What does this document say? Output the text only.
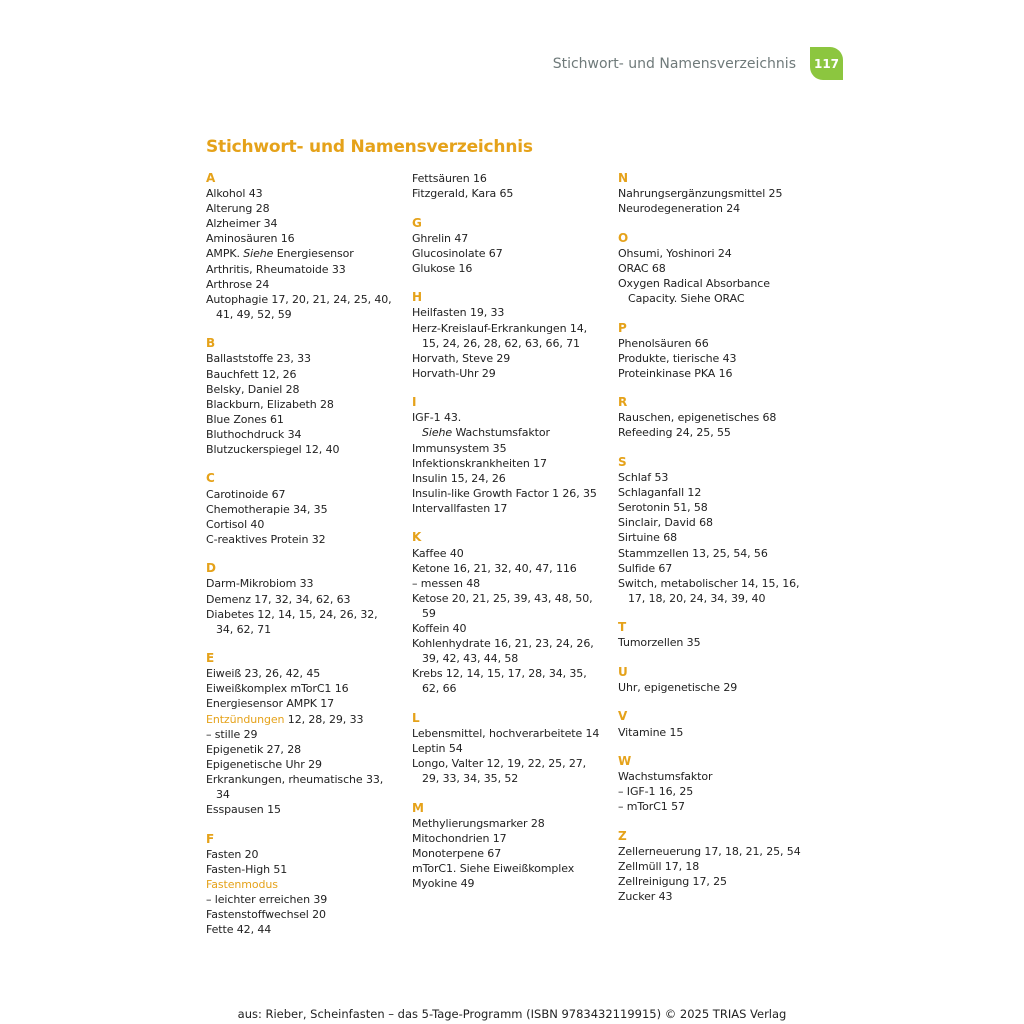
Stichwort- und Namensverzeichnis	117
Stichwort- und Namensverzeichnis
A
Alkohol 43
Alterung 28
Alzheimer 34
Aminosäuren 16
AMPK. Siehe Energiesensor
Arthritis, Rheumatoide 33
Arthrose 24
Autophagie 17, 20, 21, 24, 25, 40, 41, 49, 52, 59
B
Ballaststoffe 23, 33
Bauchfett 12, 26
Belsky, Daniel 28
Blackburn, Elizabeth 28
Blue Zones 61
Bluthochdruck 34
Blutzuckerspiegel 12, 40
C
Carotinoide 67
Chemotherapie 34, 35
Cortisol 40
C-reaktives Protein 32
D
Darm-Mikrobiom 33
Demenz 17, 32, 34, 62, 63
Diabetes 12, 14, 15, 24, 26, 32, 34, 62, 71
E
Eiweiß 23, 26, 42, 45
Eiweißkomplex mTorC1 16
Energiesensor AMPK 17
Entzündungen 12, 28, 29, 33
– stille 29
Epigenetik 27, 28
Epigenetische Uhr 29
Erkrankungen, rheumatische 33, 34
Esspausen 15
F
Fasten 20
Fasten-High 51
Fastenmodus
– leichter erreichen 39
Fastenstoffwechsel 20
Fette 42, 44
Fettsäuren 16
Fitzgerald, Kara 65
G
Ghrelin 47
Glucosinolate 67
Glukose 16
H
Heilfasten 19, 33
Herz-Kreislauf-Erkrankungen 14, 15, 24, 26, 28, 62, 63, 66, 71
Horvath, Steve 29
Horvath-Uhr 29
I
IGF-1 43.
Siehe Wachstumsfaktor
Immunsystem 35
Infektionskrankheiten 17
Insulin 15, 24, 26
Insulin-like Growth Factor 1 26, 35
Intervallfasten 17
K
Kaffee 40
Ketone 16, 21, 32, 40, 47, 116
– messen 48
Ketose 20, 21, 25, 39, 43, 48, 50, 59
Koffein 40
Kohlenhydrate 16, 21, 23, 24, 26, 39, 42, 43, 44, 58
Krebs 12, 14, 15, 17, 28, 34, 35, 62, 66
L
Lebensmittel, hochverarbeitete 14
Leptin 54
Longo, Valter 12, 19, 22, 25, 27, 29, 33, 34, 35, 52
M
Methylierungsmarker 28
Mitochondrien 17
Monoterpene 67
mTorC1. Siehe Eiweißkomplex
Myokine 49
N
Nahrungsergänzungsmittel 25
Neurodegeneration 24
O
Ohsumi, Yoshinori 24
ORAC 68
Oxygen Radical Absorbance Capacity. Siehe ORAC
P
Phenolsäuren 66
Produkte, tierische 43
Proteinkinase PKA 16
R
Rauschen, epigenetisches 68
Refeeding 24, 25, 55
S
Schlaf 53
Schlaganfall 12
Serotonin 51, 58
Sinclair, David 68
Sirtuine 68
Stammzellen 13, 25, 54, 56
Sulfide 67
Switch, metabolischer 14, 15, 16, 17, 18, 20, 24, 34, 39, 40
T
Tumorzellen 35
U
Uhr, epigenetische 29
V
Vitamine 15
W
Wachstumsfaktor
– IGF-1 16, 25
– mTorC1 57
Z
Zellerneuerung 17, 18, 21, 25, 54
Zellmüll 17, 18
Zellreinigung 17, 25
Zucker 43
aus: Rieber, Scheinfasten – das 5-Tage-Programm (ISBN 9783432119915) © 2025 TRIAS Verlag
